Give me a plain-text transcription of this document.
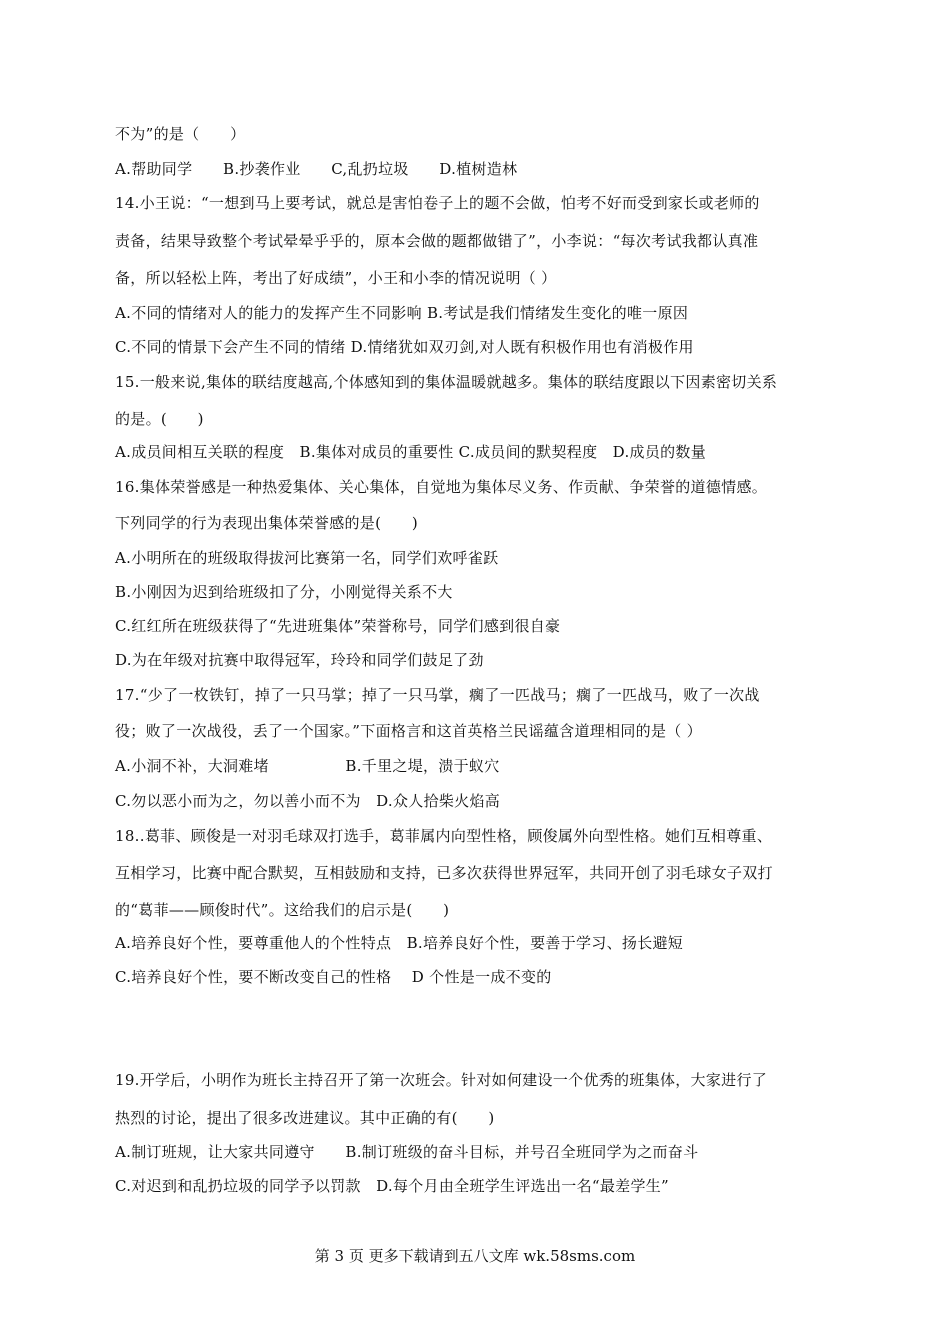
不为”的是（　　）
A.帮助同学　　B.抄袭作业　　C,乱扔垃圾　　D.植树造林
14.小王说：“一想到马上要考试，就总是害怕卷子上的题不会做，怕考不好而受到家长或老师的
责备，结果导致整个考试晕晕乎乎的，原本会做的题都做错了”，小李说：“每次考试我都认真准
备，所以轻松上阵，考出了好成绩”，小王和小李的情况说明（ ）
A.不同的情绪对人的能力的发挥产生不同影响 B.考试是我们情绪发生变化的唯一原因
C.不同的情景下会产生不同的情绪 D.情绪犹如双刃剑,对人既有积极作用也有消极作用
15.一般来说,集体的联结度越高,个体感知到的集体温暖就越多。集体的联结度跟以下因素密切关系
的是。(　　)
A.成员间相互关联的程度　B.集体对成员的重要性 C.成员间的默契程度　D.成员的数量
16.集体荣誉感是一种热爱集体、关心集体，自觉地为集体尽义务、作贡献、争荣誉的道德情感。
下列同学的行为表现出集体荣誉感的是(　　)
A.小明所在的班级取得拔河比赛第一名，同学们欢呼雀跃
B.小刚因为迟到给班级扣了分，小刚觉得关系不大
C.红红所在班级获得了“先进班集体”荣誉称号，同学们感到很自豪
D.为在年级对抗赛中取得冠军，玲玲和同学们鼓足了劲
17.“少了一枚铁钉，掉了一只马掌；掉了一只马掌，瘸了一匹战马；瘸了一匹战马，败了一次战
役；败了一次战役，丢了一个国家。”下面格言和这首英格兰民谣蕴含道理相同的是（ ）
A.小洞不补，大洞难堵　　　　　B.千里之堤，溃于蚁穴
C.勿以恶小而为之，勿以善小而不为　D.众人拾柴火焰高
18..葛菲、顾俊是一对羽毛球双打选手，葛菲属内向型性格，顾俊属外向型性格。她们互相尊重、
互相学习，比赛中配合默契，互相鼓励和支持，已多次获得世界冠军，共同开创了羽毛球女子双打
的“葛菲——顾俊时代”。这给我们的启示是(　　)
A.培养良好个性，要尊重他人的个性特点　B.培养良好个性，要善于学习、扬长避短
C.培养良好个性，要不断改变自己的性格　 D 个性是一成不变的
19.开学后，小明作为班长主持召开了第一次班会。针对如何建设一个优秀的班集体，大家进行了
热烈的讨论，提出了很多改进建议。其中正确的有(　　)
A.制订班规，让大家共同遵守　　B.制订班级的奋斗目标，并号召全班同学为之而奋斗
C.对迟到和乱扔垃圾的同学予以罚款　D.每个月由全班学生评选出一名“最差学生”
第 3 页 更多下载请到五八文库 wk.58sms.com
